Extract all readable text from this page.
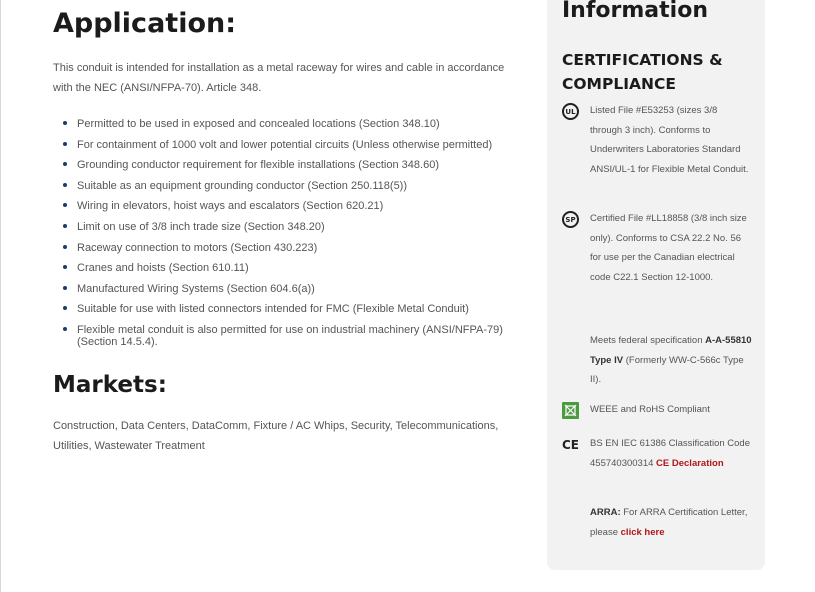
Application:

This conduit is intended for installation as a metal raceway for wires and cable in accordance with the NEC (ANSI/NFPA-70). Article 348.

Permitted to be used in exposed and concealed locations (Section 348.10)
For containment of 1000 volt and lower potential circuits (Unless otherwise permitted)
Grounding conductor requirement for flexible installations (Section 348.60)
Suitable as an equipment grounding conductor (Section 250.118(5))
Wiring in elevators, hoist ways and escalators (Section 620.21)
Limit on use of 3/8 inch trade size (Section 348.20)
Raceway connection to motors (Section 430.223)
Cranes and hoists (Section 610.11)
Manufactured Wiring Systems (Section 604.6(a))
Suitable for use with listed connectors intended for FMC (Flexible Metal Conduit)
Flexible metal conduit is also permitted for use on industrial machinery (ANSI/NFPA-79) (Section 14.5.4).
Markets:

Construction, Data Centers, DataComm, Fixture / AC Whips, Security, Telecommunications, Utilities, Wastewater Treatment

Information
CERTIFICATIONS & COMPLIANCE
UL	Listed File #E53253 (sizes 3/8 through 3 inch). Conforms to Underwriters Laboratories Standard ANSI/UL-1 for Flexible Metal Conduit.
SP	Certified File #LL18858 (3/8 inch size only). Conforms to CSA 22.2 No. 56 for use per the Canadian electrical code C22.1 Section 12-1000.
Meets federal specification A-A-55810 Type IV (Formerly WW-C-566c Type II).
WEEE and RoHS Compliant
CE BS EN IEC 61386 Classification Code 455740300314 CE Declaration
ARRA: For ARRA Certification Letter, please click here
